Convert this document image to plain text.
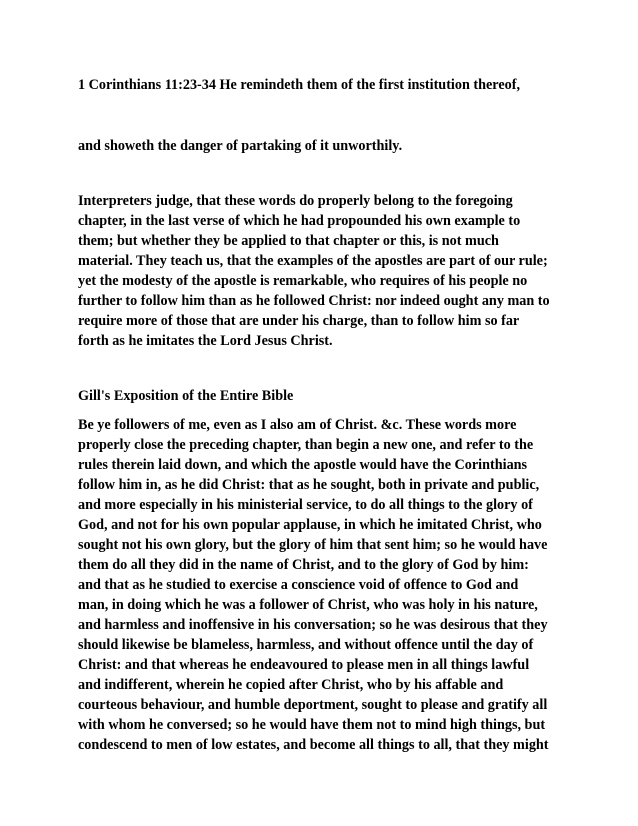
1 Corinthians 11:23-34 He remindeth them of the first institution thereof,
and showeth the danger of partaking of it unworthily.
Interpreters judge, that these words do properly belong to the foregoing
chapter, in the last verse of which he had propounded his own example to
them; but whether they be applied to that chapter or this, is not much
material. They teach us, that the examples of the apostles are part of our rule;
yet the modesty of the apostle is remarkable, who requires of his people no
further to follow him than as he followed Christ: nor indeed ought any man to
require more of those that are under his charge, than to follow him so far
forth as he imitates the Lord Jesus Christ.
Gill's Exposition of the Entire Bible
Be ye followers of me, even as I also am of Christ. &c. These words more
properly close the preceding chapter, than begin a new one, and refer to the
rules therein laid down, and which the apostle would have the Corinthians
follow him in, as he did Christ: that as he sought, both in private and public,
and more especially in his ministerial service, to do all things to the glory of
God, and not for his own popular applause, in which he imitated Christ, who
sought not his own glory, but the glory of him that sent him; so he would have
them do all they did in the name of Christ, and to the glory of God by him:
and that as he studied to exercise a conscience void of offence to God and
man, in doing which he was a follower of Christ, who was holy in his nature,
and harmless and inoffensive in his conversation; so he was desirous that they
should likewise be blameless, harmless, and without offence until the day of
Christ: and that whereas he endeavoured to please men in all things lawful
and indifferent, wherein he copied after Christ, who by his affable and
courteous behaviour, and humble deportment, sought to please and gratify all
with whom he conversed; so he would have them not to mind high things, but
condescend to men of low estates, and become all things to all, that they might
